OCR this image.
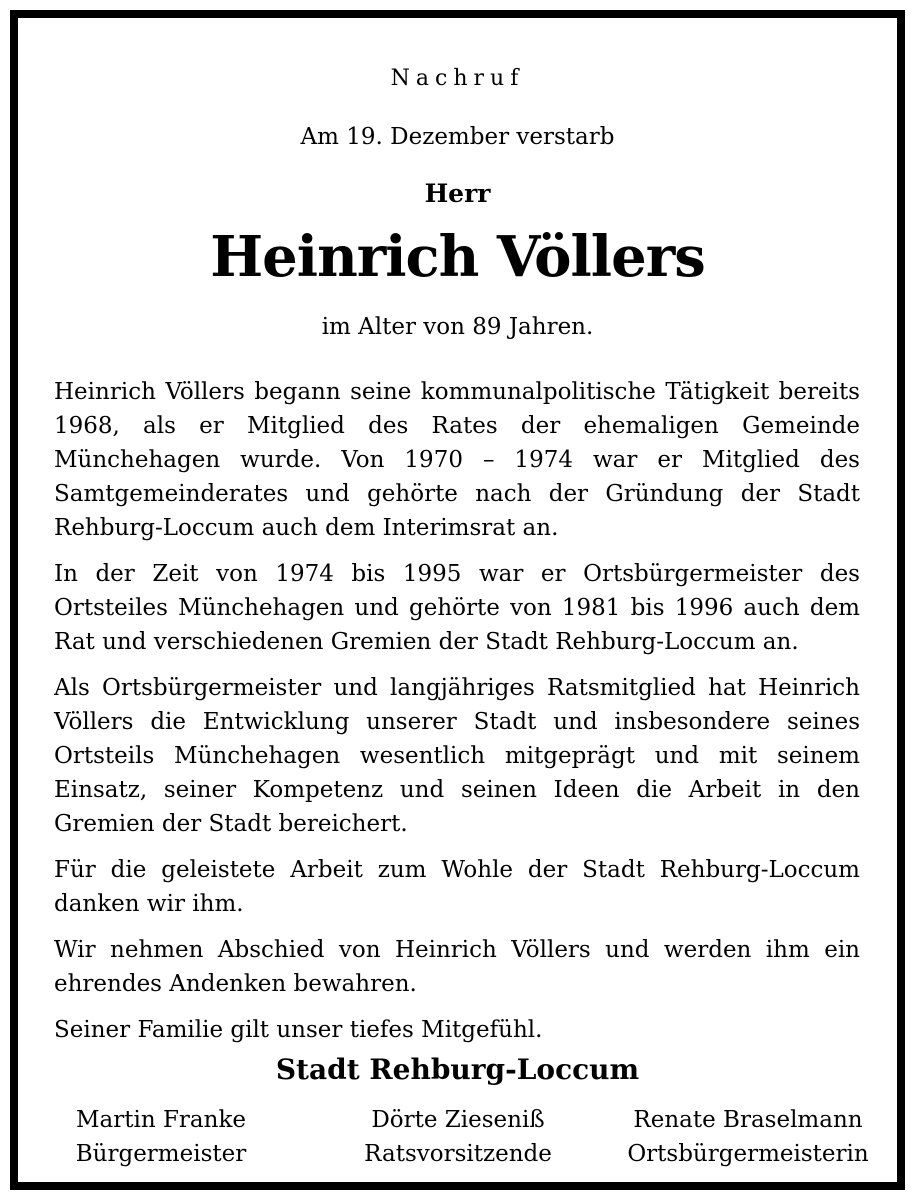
Nachruf
Am 19. Dezember verstarb
Herr
Heinrich Völlers
im Alter von 89 Jahren.

Heinrich Völlers begann seine kommunalpolitische Tätigkeit bereits 1968, als er Mitglied des Rates der ehemaligen Gemeinde Münchehagen wurde. Von 1970 – 1974 war er Mitglied des Samtgemeinderates und gehörte nach der Gründung der Stadt Rehburg-Loccum auch dem Interimsrat an.

In der Zeit von 1974 bis 1995 war er Ortsbürgermeister des Ortsteiles Münchehagen und gehörte von 1981 bis 1996 auch dem Rat und verschiedenen Gremien der Stadt Rehburg-Loccum an.

Als Ortsbürgermeister und langjähriges Ratsmitglied hat Heinrich Völlers die Entwicklung unserer Stadt und insbesondere seines Ortsteils Münchehagen wesentlich mitgeprägt und mit seinem Einsatz, seiner Kompetenz und seinen Ideen die Arbeit in den Gremien der Stadt bereichert.

Für die geleistete Arbeit zum Wohle der Stadt Rehburg-Loccum danken wir ihm.

Wir nehmen Abschied von Heinrich Völlers und werden ihm ein ehrendes Andenken bewahren.

Seiner Familie gilt unser tiefes Mitgefühl.

Stadt Rehburg-Loccum
Martin Franke
Bürgermeister
Dörte Zieseniß
Ratsvorsitzende
Renate Braselmann
Ortsbürgermeisterin
